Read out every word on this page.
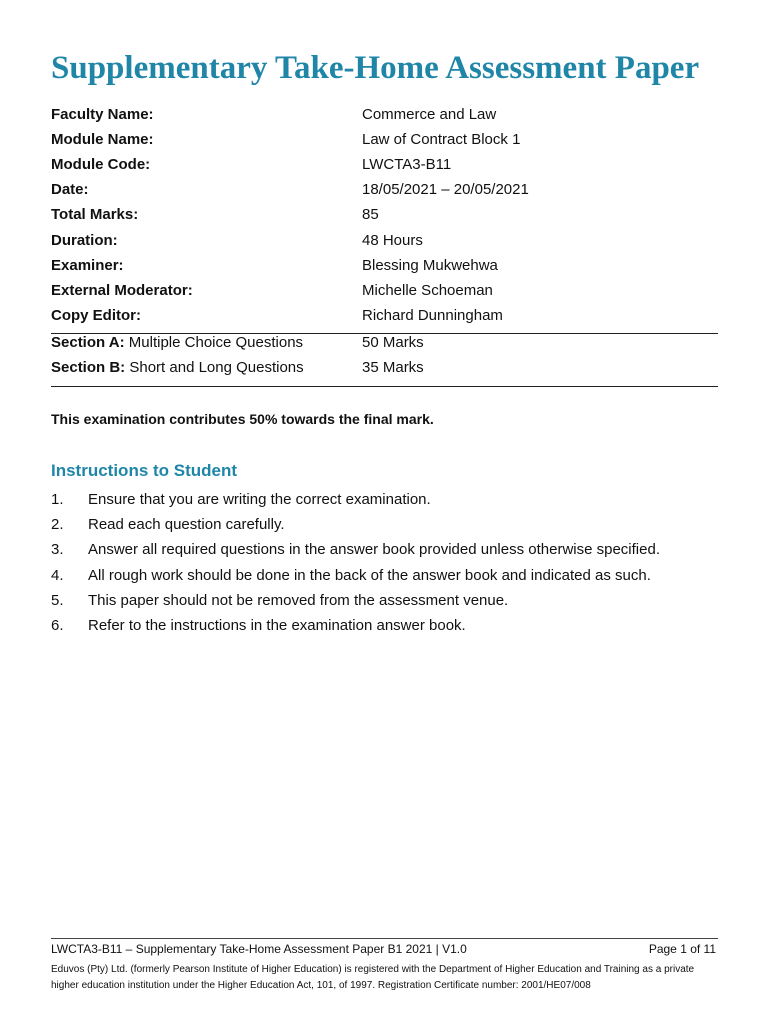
Supplementary Take-Home Assessment Paper
Faculty Name:	Commerce and Law
Module Name:	Law of Contract Block 1
Module Code:	LWCTA3-B11
Date:	18/05/2021 – 20/05/2021
Total Marks:	85
Duration:	48 Hours
Examiner:	Blessing Mukwehwa
External Moderator:	Michelle Schoeman
Copy Editor:	Richard Dunningham
Section A: Multiple Choice Questions	50 Marks
Section B: Short and Long Questions	35 Marks
This examination contributes 50% towards the final mark.
Instructions to Student
1. Ensure that you are writing the correct examination.
2. Read each question carefully.
3. Answer all required questions in the answer book provided unless otherwise specified.
4. All rough work should be done in the back of the answer book and indicated as such.
5. This paper should not be removed from the assessment venue.
6. Refer to the instructions in the examination answer book.
LWCTA3-B11 – Supplementary Take-Home Assessment Paper B1 2021 | V1.0	Page 1 of 11
Eduvos (Pty) Ltd. (formerly Pearson Institute of Higher Education) is registered with the Department of Higher Education and Training as a private higher education institution under the Higher Education Act, 101, of 1997. Registration Certificate number: 2001/HE07/008
